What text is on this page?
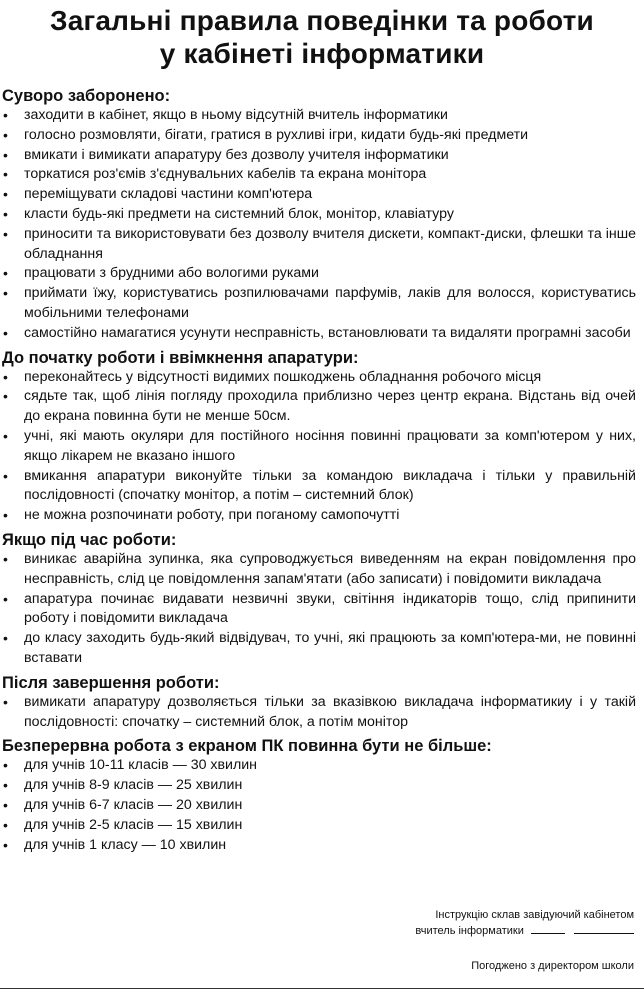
Загальні правила поведінки та роботи
у кабінеті інформатики
Суворо заборонено:
• заходити в кабінет, якщо в ньому відсутній вчитель інформатики
• голосно розмовляти, бігати, гратися в рухливі ігри, кидати будь-які предмети
• вмикати і вимикати апаратуру без дозволу учителя інформатики
• торкатися роз'ємів з'єднувальних кабелів та екрана монітора
• переміщувати складові частини комп'ютера
• класти будь-які предмети на системний блок, монітор, клавіатуру
• приносити та використовувати без дозволу вчителя дискети, компакт-диски, флешки та інше обладнання
• працювати з брудними або вологими руками
• приймати їжу, користуватись розпилювачами парфумів, лаків для волосся, користуватись мобільними телефонами
• самостійно намагатися усунути несправність, встановлювати та видаляти програмні засоби
До початку роботи і ввімкнення апаратури:
• переконайтесь у відсутності видимих пошкоджень обладнання робочого місця
• сядьте так, щоб лінія погляду проходила приблизно через центр екрана. Відстань від очей до екрана повинна бути не менше 50см.
• учні, які мають окуляри для постійного носіння повинні працювати за комп'ютером у них, якщо лікарем не вказано іншого
• вмикання апаратури виконуйте тільки за командою викладача і тільки у правильній послідовності (спочатку монітор, а потім – системний блок)
• не можна розпочинати роботу, при поганому самопочутті
Якщо під час роботи:
• виникає аварійна зупинка, яка супроводжується виведенням на екран повідомлення про несправність, слід це повідомлення запам'ятати (або записати) і повідомити викладача
• апаратура починає видавати незвичні звуки, світіння індикаторів тощо, слід припинити роботу і повідомити викладача
• до класу заходить будь-який відвідувач, то учні, які працюють за комп'ютера-ми, не повинні вставати
Після завершення роботи:
• вимикати апаратуру дозволяється тільки за вказівкою викладача інформатикиу і у такій послідовності: спочатку – системний блок, а потім монітор
Безперервна робота з екраном ПК повинна бути не більше:
• для учнів 10-11 класів — 30 хвилин
• для учнів 8-9 класів — 25 хвилин
• для учнів 6-7 класів — 20 хвилин
• для учнів 2-5 класів — 15 хвилин
• для учнів 1 класу — 10 хвилин
Інструкцію склав завідуючий кабінетом
вчитель інформатики
Погоджено з директором школи
